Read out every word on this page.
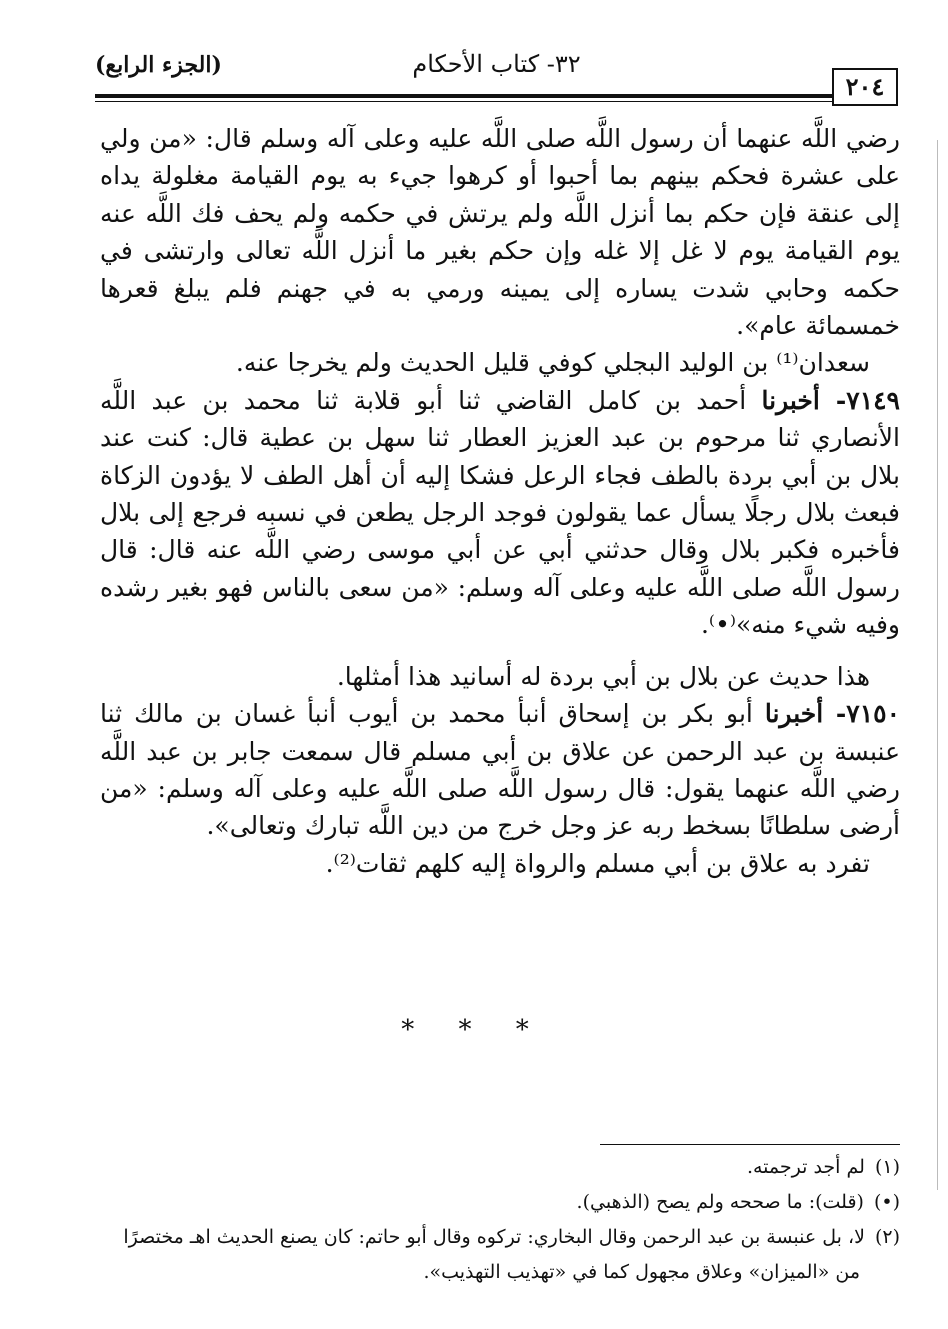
٢٠٤
٣٢- كتاب الأحكام
(الجزء الرابع)

رضي اللَّه عنهما أن رسول اللَّه صلى اللَّه عليه وعلى آله وسلم قال: «من ولي على عشرة فحكم بينهم بما أحبوا أو كرهوا جيء به يوم القيامة مغلولة يداه إلى عنقة فإن حكم بما أنزل اللَّه ولم يرتش في حكمه ولم يحف فك اللَّه عنه يوم القيامة يوم لا غل إلا غله وإن حكم بغير ما أنزل اللَّه تعالى وارتشى في حكمه وحابي شدت يساره إلى يمينه ورمي به في جهنم فلم يبلغ قعرها خمسمائة عام».

سعدان⁽¹⁾ بن الوليد البجلي كوفي قليل الحديث ولم يخرجا عنه.

٧١٤٩- أخبرنا أحمد بن كامل القاضي ثنا أبو قلابة ثنا محمد بن عبد اللَّه الأنصاري ثنا مرحوم بن عبد العزيز العطار ثنا سهل بن عطية قال: كنت عند بلال بن أبي بردة بالطف فجاء الرعل فشكا إليه أن أهل الطف لا يؤدون الزكاة فبعث بلال رجلًا يسأل عما يقولون فوجد الرجل يطعن في نسبه فرجع إلى بلال فأخبره فكبر بلال وقال حدثني أبي عن أبي موسى رضي اللَّه عنه قال: قال رسول اللَّه صلى اللَّه عليه وعلى آله وسلم: «من سعى بالناس فهو بغير رشده وفيه شيء منه»⁽•⁾.

هذا حديث عن بلال بن أبي بردة له أسانيد هذا أمثلها.

٧١٥٠- أخبرنا أبو بكر بن إسحاق أنبأ محمد بن أيوب أنبأ غسان بن مالك ثنا عنبسة بن عبد الرحمن عن علاق بن أبي مسلم قال سمعت جابر بن عبد اللَّه رضي اللَّه عنهما يقول: قال رسول اللَّه صلى اللَّه عليه وعلى آله وسلم: «من أرضى سلطانًا بسخط ربه عز وجل خرج من دين اللَّه تبارك وتعالى».

تفرد به علاق بن أبي مسلم والرواة إليه كلهم ثقات⁽²⁾.

* * *

(١)لم أجد ترجمته.

(•)(قلت): ما صححه ولم يصح (الذهبي).

(٢)لا، بل عنبسة بن عبد الرحمن وقال البخاري: تركوه وقال أبو حاتم: كان يصنع الحديث اهـ مختصرًا

من «الميزان» وعلاق مجهول كما في «تهذيب التهذيب».
